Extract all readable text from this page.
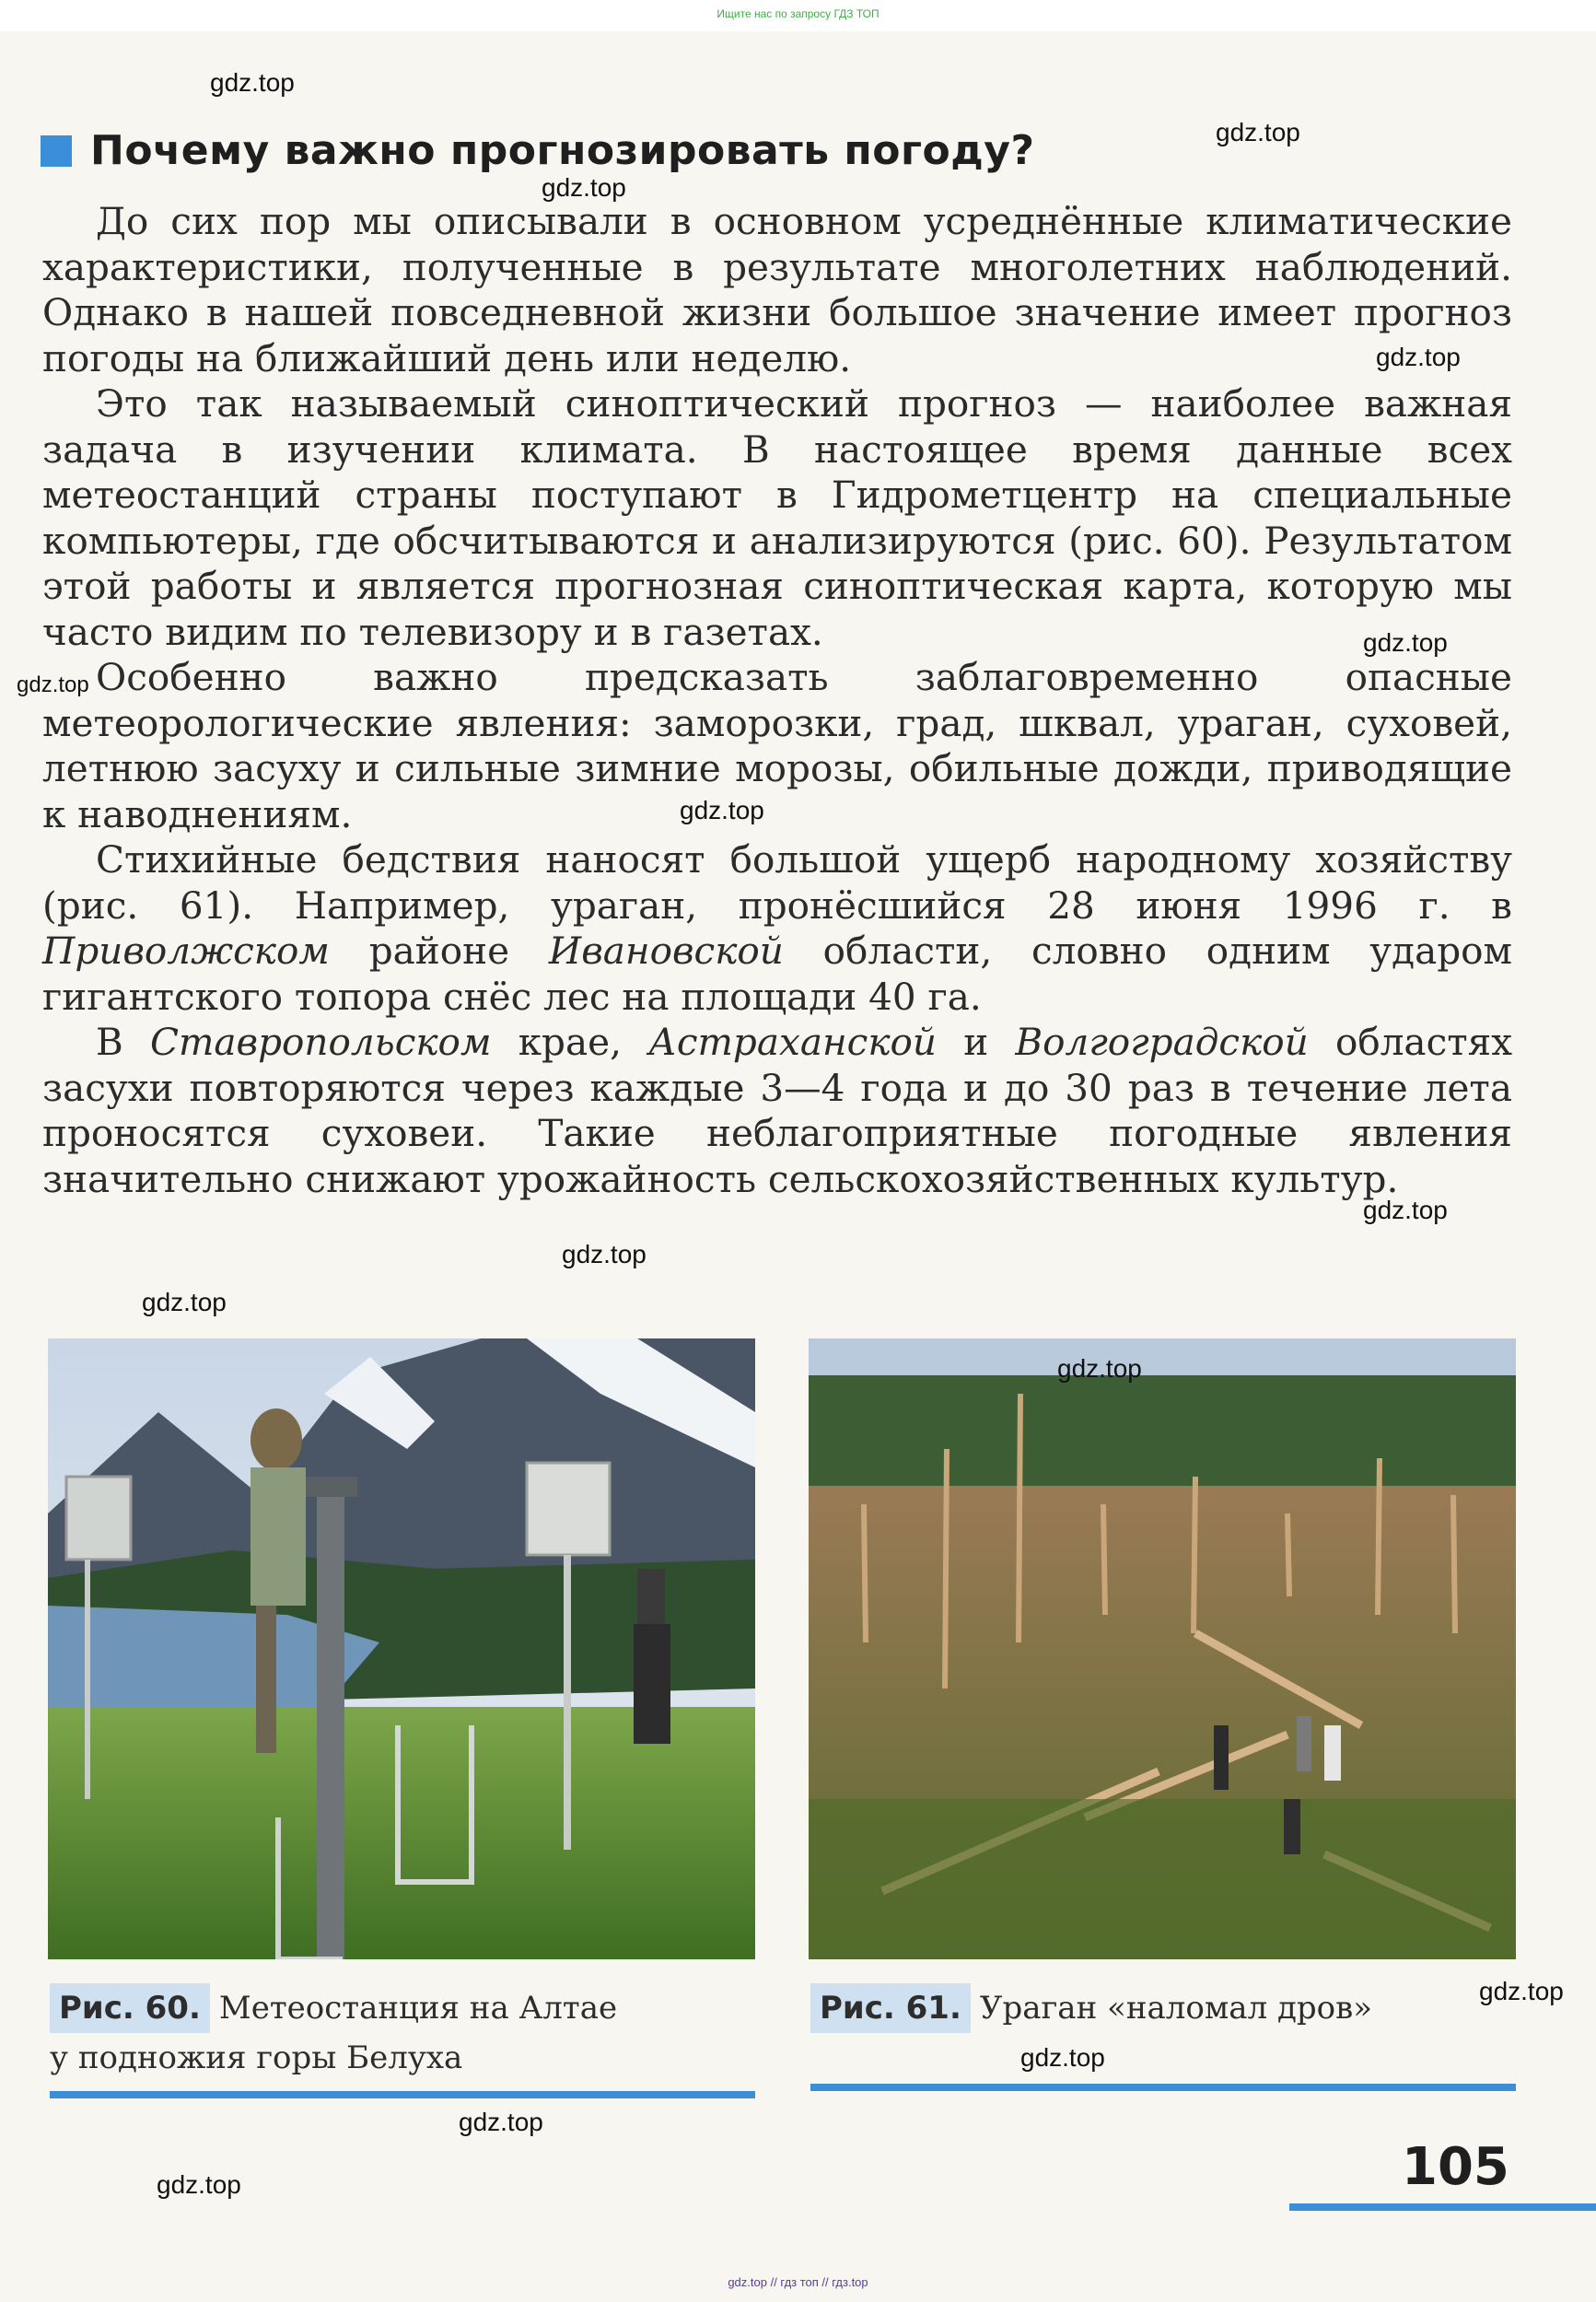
Ищите нас по запросу ГДЗ ТОП
Почему важно прогнозировать погоду?

До сих пор мы описывали в основном усреднённые климатические характеристики, полученные в результате многолетних наблюдений. Однако в нашей повседневной жизни большое значение имеет прогноз погоды на ближайший день или неделю.

Это так называемый синоптический прогноз — наиболее важная задача в изучении климата. В настоящее время данные всех метеостанций страны поступают в Гидрометцентр на специальные компьютеры, где обсчитываются и анализируются (рис. 60). Результатом этой работы и является прогнозная синоптическая карта, которую мы часто видим по телевизору и в газетах.

Особенно важно предсказать заблаговременно опасные метеорологические явления: заморозки, град, шквал, ураган, суховей, летнюю засуху и сильные зимние морозы, обильные дожди, приводящие к наводнениям.

Стихийные бедствия наносят большой ущерб народному хозяйству (рис. 61). Например, ураган, пронёсшийся 28 июня 1996 г. в Приволжском районе Ивановской области, словно одним ударом гигантского топора снёс лес на площади 40 га.

В Ставропольском крае, Астраханской и Волгоградской областях засухи повторяются через каждые 3—4 года и до 30 раз в течение лета проносятся суховеи. Такие неблагоприятные погодные явления значительно снижают урожайность сельскохозяйственных культур.

Рис. 60. Метеостанция на Алтае
у подножия горы Белуха
Рис. 61. Ураган «наломал дров»
105
gdz.top
gdz.top
gdz.top
gdz.top
gdz.top
gdz.top
gdz.top
gdz.top
gdz.top
gdz.top
gdz.top
gdz.top
gdz.top
gdz.top
gdz.top
gdz.top // гдз топ // гдз.top
